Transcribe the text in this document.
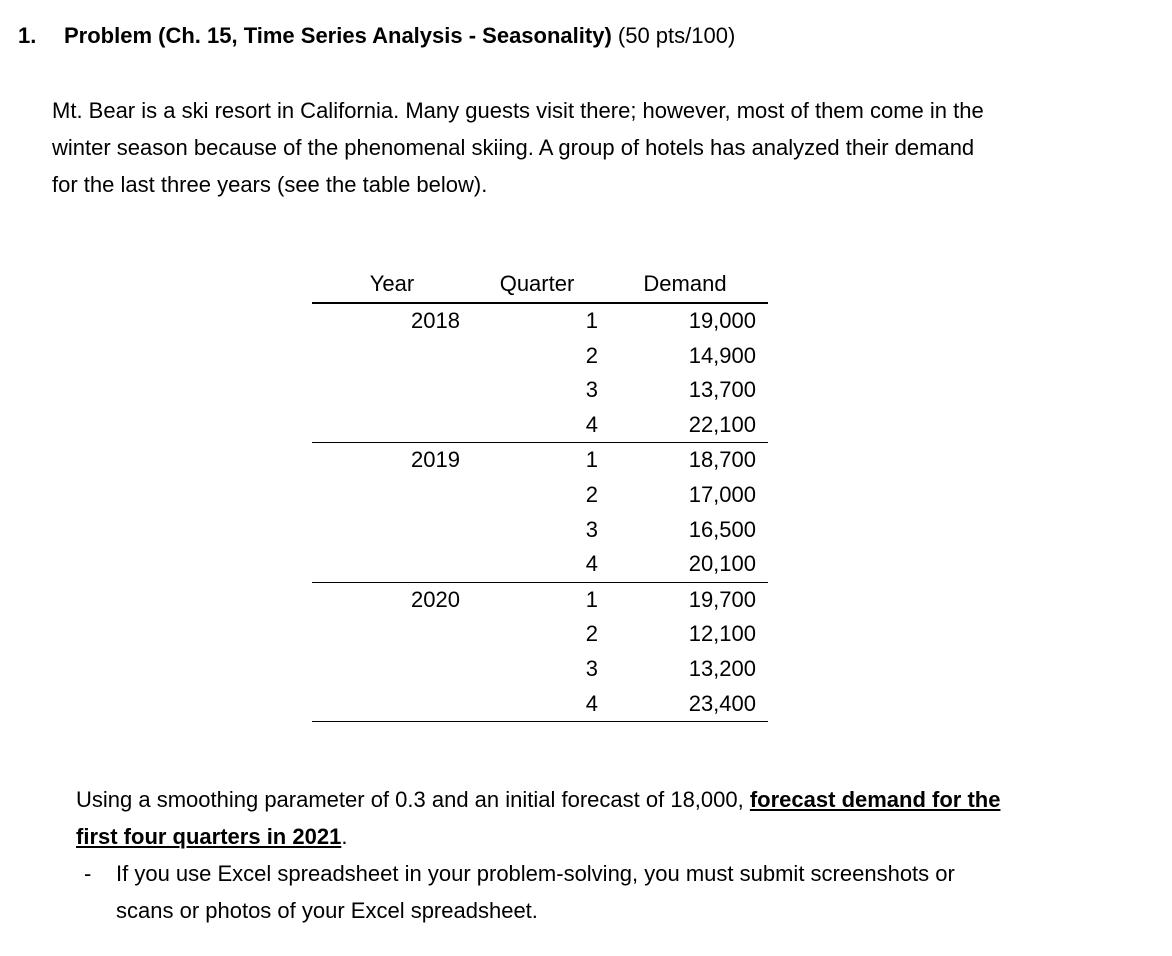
1. Problem (Ch. 15, Time Series Analysis - Seasonality) (50 pts/100)
Mt. Bear is a ski resort in California. Many guests visit there; however, most of them come in the
winter season because of the phenomenal skiing. A group of hotels has analyzed their demand
for the last three years (see the table below).
Year	Quarter	Demand
2018	1	19,000
	2	14,900
	3	13,700
	4	22,100
2019	1	18,700
	2	17,000
	3	16,500
	4	20,100
2020	1	19,700
	2	12,100
	3	13,200
	4	23,400
Using a smoothing parameter of 0.3 and an initial forecast of 18,000, forecast demand for the
first four quarters in 2021.
- If you use Excel spreadsheet in your problem-solving, you must submit screenshots or
scans or photos of your Excel spreadsheet.
